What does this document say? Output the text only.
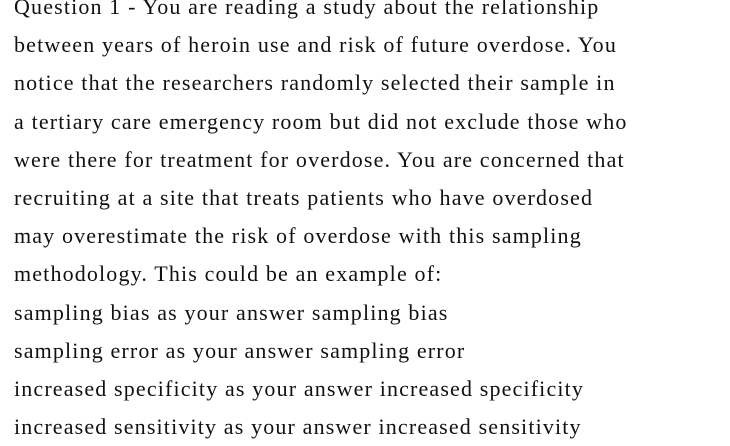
Question 1 - You are reading a study about the relationship
between years of heroin use and risk of future overdose. You
notice that the researchers randomly selected their sample in
a tertiary care emergency room but did not exclude those who
were there for treatment for overdose. You are concerned that
recruiting at a site that treats patients who have overdosed
may overestimate the risk of overdose with this sampling
methodology. This could be an example of:
sampling bias as your answer sampling bias
sampling error as your answer sampling error
increased specificity as your answer increased specificity
increased sensitivity as your answer increased sensitivity
